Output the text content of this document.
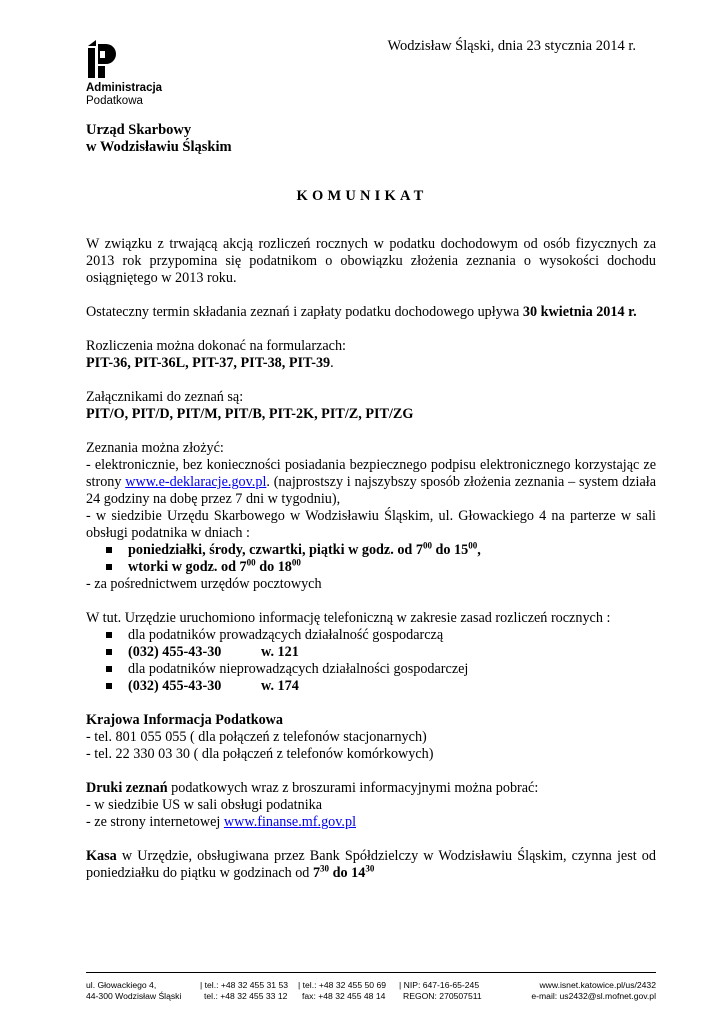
Administracja
Podatkowa
Wodzisław Śląski, dnia 23 stycznia 2014 r.
Urząd Skarbowy
w Wodzisławiu Śląskim
KOMUNIKAT

W związku z trwającą akcją rozliczeń rocznych w podatku dochodowym od osób fizycznych za 2013 rok przypomina się podatnikom o obowiązku złożenia zeznania o wysokości dochodu osiągniętego w 2013 roku.

Ostateczny termin składania zeznań i zapłaty podatku dochodowego upływa 30 kwietnia 2014 r.

Rozliczenia można dokonać na formularzach:

PIT-36, PIT-36L, PIT-37, PIT-38, PIT-39.

Załącznikami do zeznań są:

PIT/O, PIT/D, PIT/M, PIT/B, PIT-2K, PIT/Z, PIT/ZG

Zeznania można złożyć:

- elektronicznie, bez konieczności posiadania bezpiecznego podpisu elektronicznego korzystając ze strony www.e-deklaracje.gov.pl. (najprostszy i najszybszy sposób złożenia zeznania – system działa 24 godziny na dobę przez 7 dni w tygodniu),

- w siedzibie Urzędu Skarbowego w Wodzisławiu Śląskim, ul. Głowackiego 4 na parterze w sali obsługi podatnika w dniach :

poniedziałki, środy, czwartki, piątki w godz. od $7^{00}$ do $15^{00}$,
wtorki w godz. od $7^{00}$ do $18^{00}$

- za pośrednictwem urzędów pocztowych

W tut. Urzędzie uruchomiono informację telefoniczną w zakresie zasad rozliczeń rocznych :

dla podatników prowadzących działalność gospodarczą
(032) 455-43-30	w. 121
dla podatników nieprowadzących działalności gospodarczej
(032) 455-43-30	w. 174

Krajowa Informacja Podatkowa

- tel. 801 055 055 ( dla połączeń z telefonów stacjonarnych)

- tel. 22 330 03 30 ( dla połączeń z telefonów komórkowych)

Druki zeznań podatkowych wraz z broszurami informacyjnymi można pobrać:

- w siedzibie US w sali obsługi podatnika

- ze strony internetowej www.finanse.mf.gov.pl

Kasa w Urzędzie, obsługiwana przez Bank Spółdzielczy w Wodzisławiu Śląskim, czynna jest od poniedziałku do piątku w godzinach od $7^{30}$ do $14^{30}$

ul. Głowackiego 4,
44-300 Wodzisław Śląski
| tel.: +48 32 455 31 53
tel.: +48 32 455 33 12
| tel.: +48 32 455 50 69
fax: +48 32 455 48 14
| NIP: 647-16-65-245
REGON: 270507511
www.isnet.katowice.pl/us/2432
e-mail: us2432@sl.mofnet.gov.pl
